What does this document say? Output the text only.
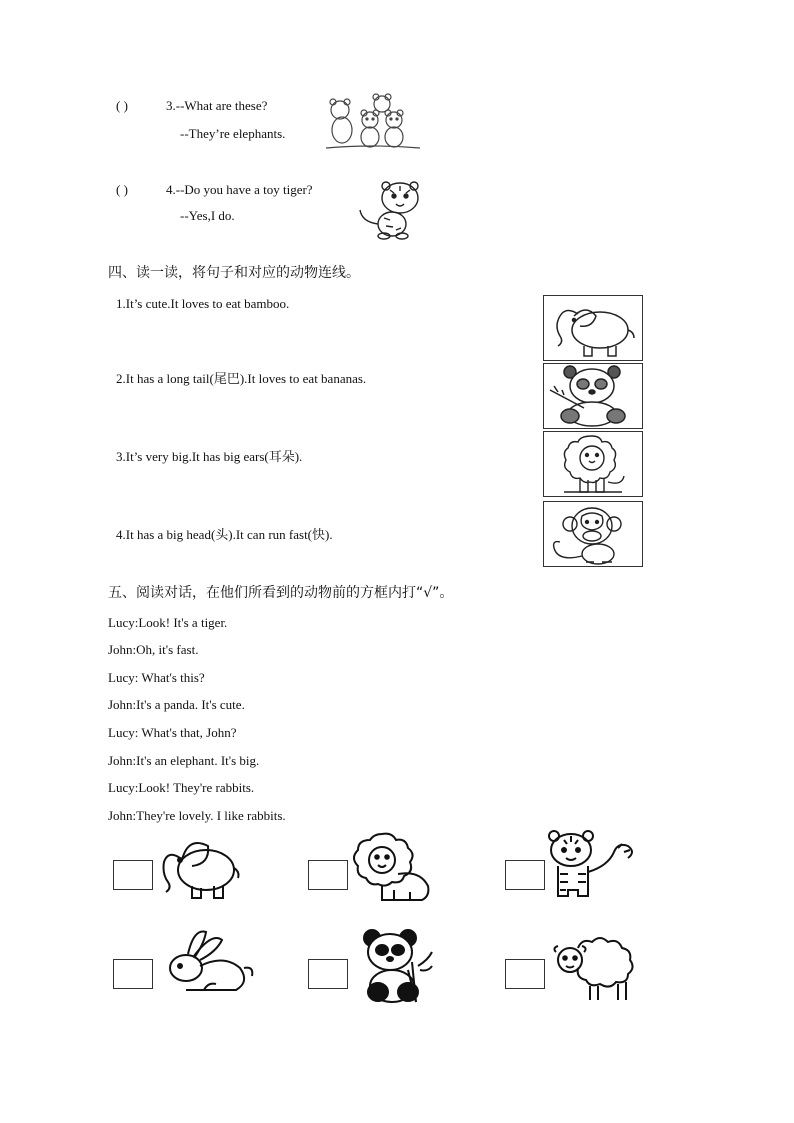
( )	3.--What are these?
--They’re elephants.
( )	4.--Do you have a toy tiger?
--Yes,I do.
四、读一读，将句子和对应的动物连线。
1.It’s cute.It loves to eat bamboo.
2.It has a long tail(尾巴).It loves to eat bananas.
3.It’s very big.It has big ears(耳朵).
4.It has a big head(头).It can run fast(快).
五、阅读对话，在他们所看到的动物前的方框内打“√”。
Lucy:Look! It's a tiger.
John:Oh, it's fast.
Lucy: What's this?
John:It's a panda. It's cute.
Lucy: What's that, John?
John:It's an elephant. It's big.
Lucy:Look! They're rabbits.
John:They're lovely. I like rabbits.
